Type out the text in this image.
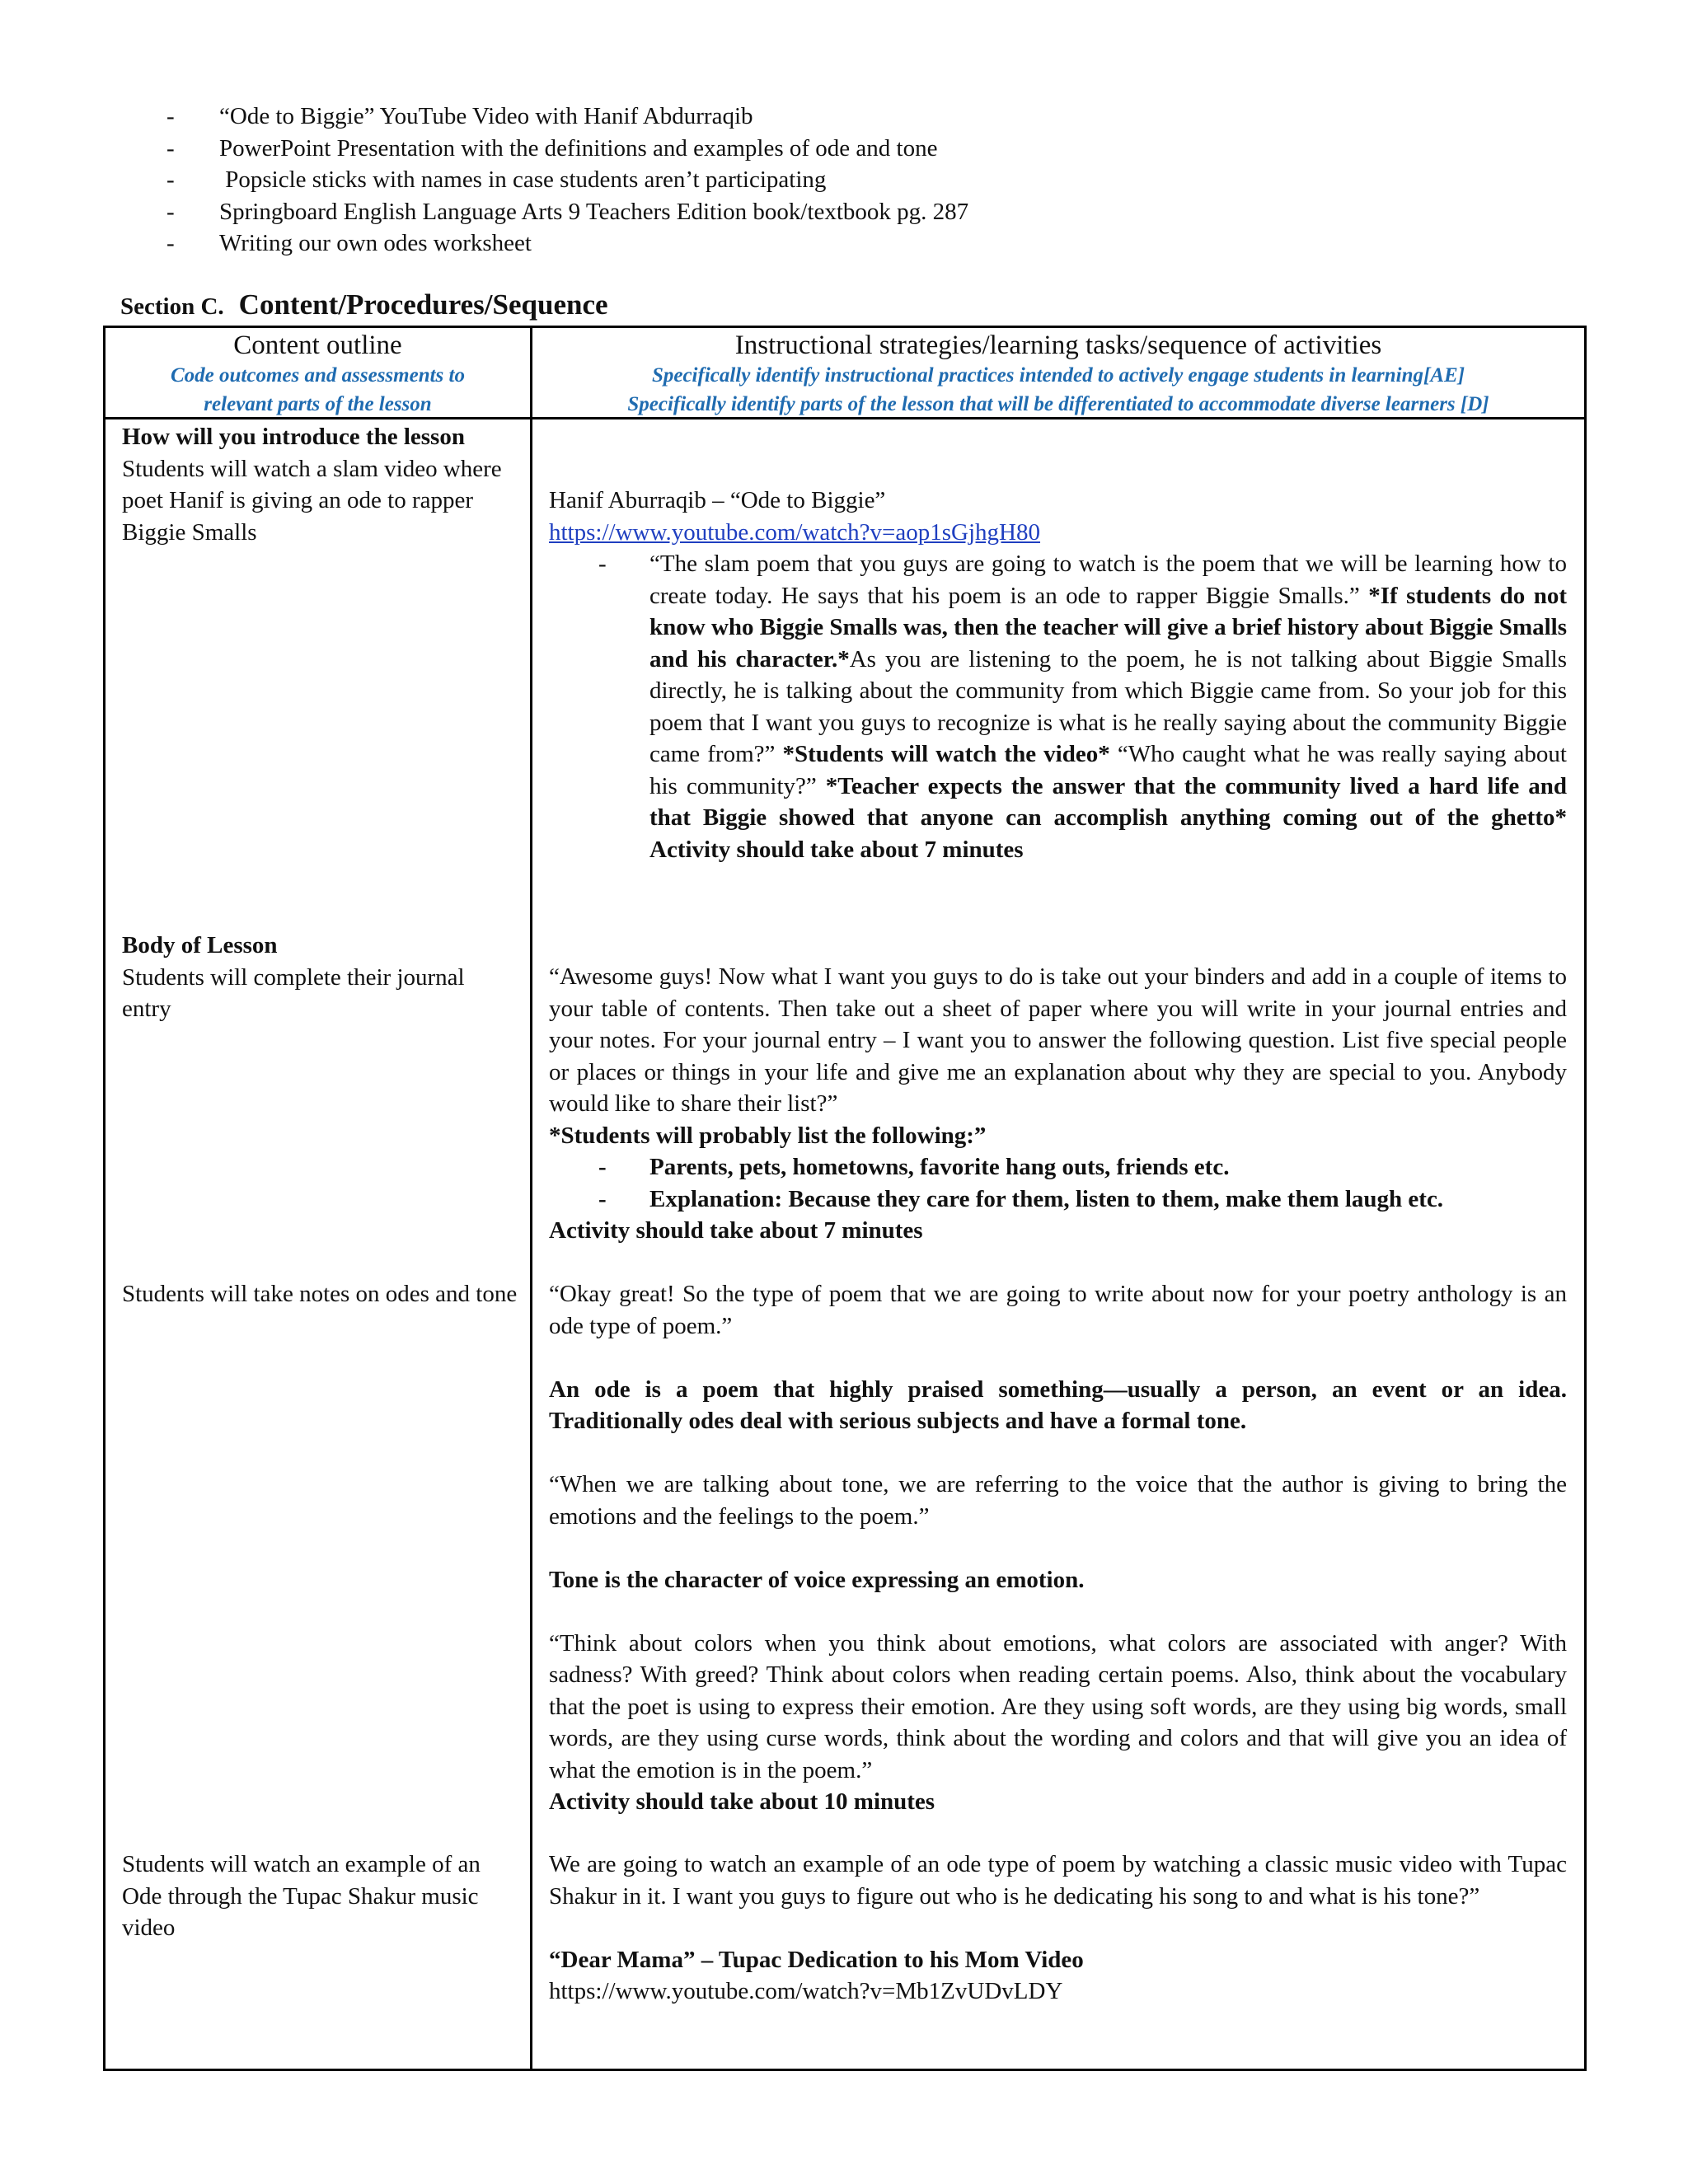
- “Ode to Biggie” YouTube Video with Hanif Abdurraqib
- PowerPoint Presentation with the definitions and examples of ode and tone
- Popsicle sticks with names in case students aren’t participating
- Springboard English Language Arts 9 Teachers Edition book/textbook pg. 287
- Writing our own odes worksheet
Section C. Content/Procedures/Sequence
Content outline
Code outcomes and assessments to
relevant parts of the lesson
Instructional strategies/learning tasks/sequence of activities
Specifically identify instructional practices intended to actively engage students in learning[AE]
Specifically identify parts of the lesson that will be differentiated to accommodate diverse learners [D]
How will you introduce the lesson
Students will watch a slam video where poet Hanif is giving an ode to rapper Biggie Smalls
Body of Lesson
Students will complete their journal entry
Students will take notes on odes and tone
Students will watch an example of an Ode through the Tupac Shakur music video

Hanif Aburraqib – “Ode to Biggie”

https://www.youtube.com/watch?v=aop1sGjhgH80

- “The slam poem that you guys are going to watch is the poem that we will be learning how to create today. He says that his poem is an ode to rapper Biggie Smalls.” *If students do not know who Biggie Smalls was, then the teacher will give a brief history about Biggie Smalls and his character.*As you are listening to the poem, he is not talking about Biggie Smalls directly, he is talking about the community from which Biggie came from. So your job for this poem that I want you guys to recognize is what is he really saying about the community Biggie came from?” *Students will watch the video* “Who caught what he was really saying about his community?” *Teacher expects the answer that the community lived a hard life and that Biggie showed that anyone can accomplish anything coming out of the ghetto* Activity should take about 7 minutes

“Awesome guys! Now what I want you guys to do is take out your binders and add in a couple of items to your table of contents. Then take out a sheet of paper where you will write in your journal entries and your notes. For your journal entry – I want you to answer the following question. List five special people or places or things in your life and give me an explanation about why they are special to you. Anybody would like to share their list?”

*Students will probably list the following:”

- Parents, pets, hometowns, favorite hang outs, friends etc.
- Explanation: Because they care for them, listen to them, make them laugh etc.

Activity should take about 7 minutes

“Okay great! So the type of poem that we are going to write about now for your poetry anthology is an ode type of poem.”

An ode is a poem that highly praised something—usually a person, an event or an idea. Traditionally odes deal with serious subjects and have a formal tone.

“When we are talking about tone, we are referring to the voice that the author is giving to bring the emotions and the feelings to the poem.”

Tone is the character of voice expressing an emotion.

“Think about colors when you think about emotions, what colors are associated with anger? With sadness? With greed? Think about colors when reading certain poems. Also, think about the vocabulary that the poet is using to express their emotion. Are they using soft words, are they using big words, small words, are they using curse words, think about the wording and colors and that will give you an idea of what the emotion is in the poem.”

Activity should take about 10 minutes

We are going to watch an example of an ode type of poem by watching a classic music video with Tupac Shakur in it. I want you guys to figure out who is he dedicating his song to and what is his tone?”

“Dear Mama” – Tupac Dedication to his Mom Video

https://www.youtube.com/watch?v=Mb1ZvUDvLDY
